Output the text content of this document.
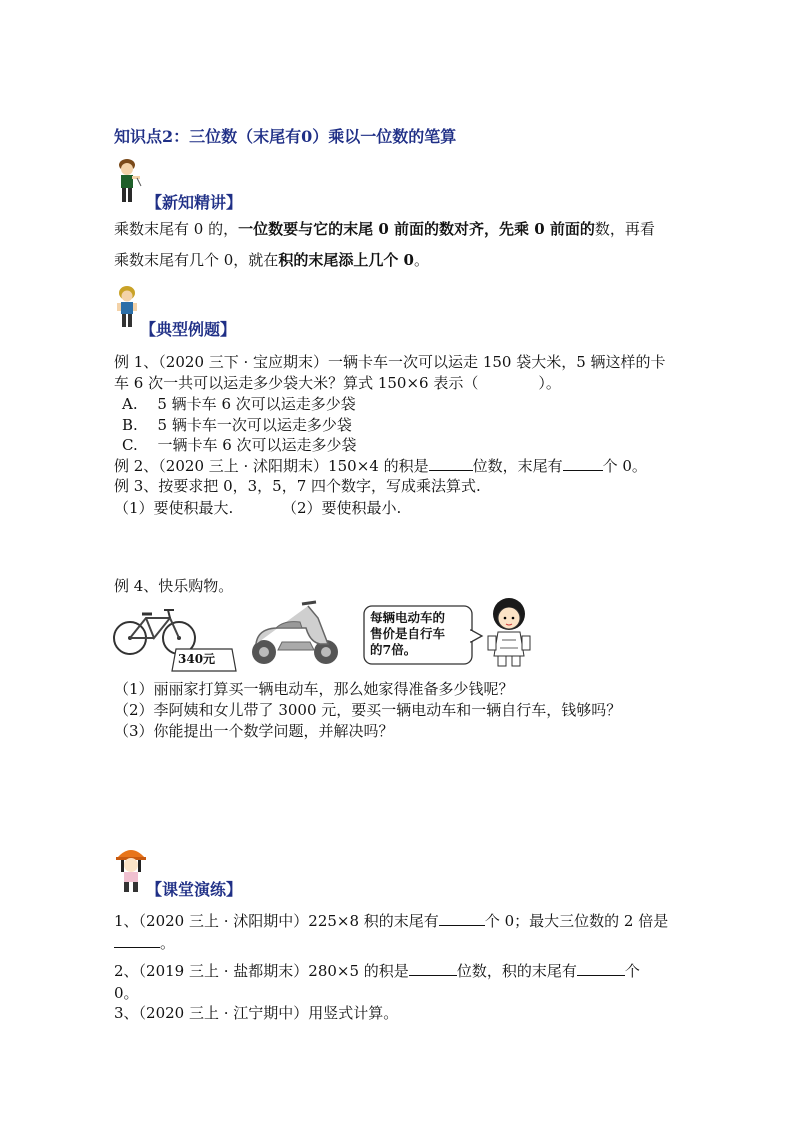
知识点2：三位数（末尾有0）乘以一位数的笔算
【新知精讲】
乘数末尾有 0 的，一位数要与它的末尾 0 前面的数对齐，先乘 0 前面的数，再看
乘数末尾有几个 0，就在积的末尾添上几个 0。
【典型例题】
例 1、（2020 三下 · 宝应期末）一辆卡车一次可以运走 150 袋大米，5 辆这样的卡
车 6 次一共可以运走多少袋大米？算式 150×6 表示（　　　　）。
A.　 5 辆卡车 6 次可以运走多少袋
B.　 5 辆卡车一次可以运走多少袋
C.　 一辆卡车 6 次可以运走多少袋
例 2、（2020 三上 · 沭阳期末）150×4 的积是	位数，末尾有	个 0。
例 3、按要求把 0，3，5，7 四个数字，写成乘法算式.
（1）要使积最大.	（2）要使积最小.
例 4、快乐购物。
340元
每辆电动车的
售价是自行车
的7倍。
（1）丽丽家打算买一辆电动车，那么她家得准备多少钱呢？
（2）李阿姨和女儿带了 3000 元，要买一辆电动车和一辆自行车，钱够吗？
（3）你能提出一个数学问题，并解决吗？
【课堂演练】
1、（2020 三上 · 沭阳期中）225×8 积的末尾有	个 0；最大三位数的 2 倍是
。
2、（2019 三上 · 盐都期末）280×5 的积是	位数，积的末尾有	个
0。
3、（2020 三上 · 江宁期中）用竖式计算。
